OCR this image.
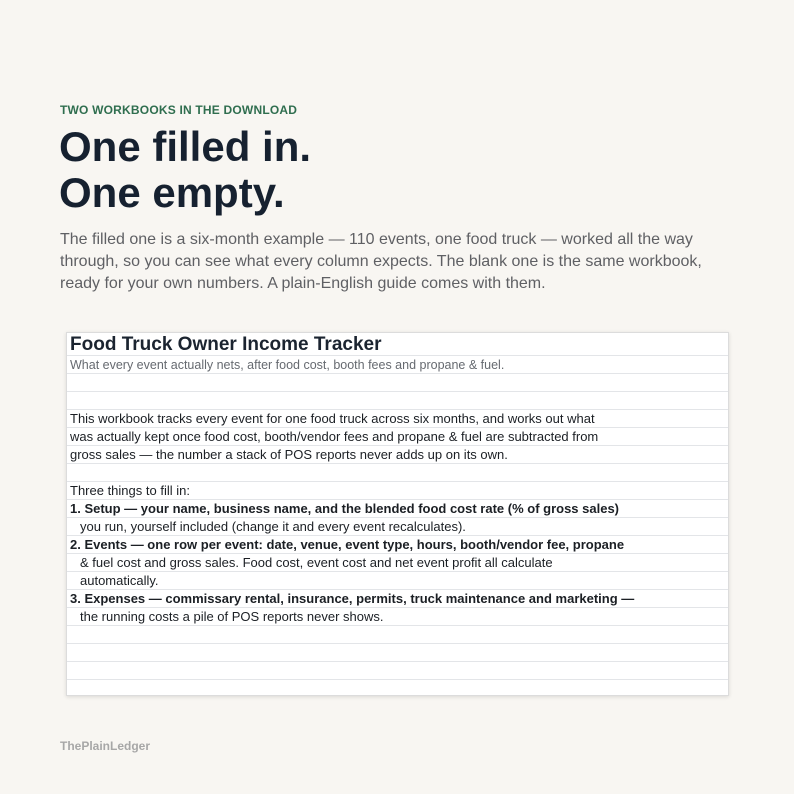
TWO WORKBOOKS IN THE DOWNLOAD
One filled in.
One empty.

The filled one is a six-month example — 110 events, one food truck — worked all the way through, so you can see what every column expects. The blank one is the same workbook, ready for your own numbers. A plain-English guide comes with them.

Food Truck Owner Income Tracker
What every event actually nets, after food cost, booth fees and propane & fuel.
This workbook tracks every event for one food truck across six months, and works out what
was actually kept once food cost, booth/vendor fees and propane & fuel are subtracted from
gross sales — the number a stack of POS reports never adds up on its own.
Three things to fill in:
1. Setup — your name, business name, and the blended food cost rate (% of gross sales)
you run, yourself included (change it and every event recalculates).
2. Events — one row per event: date, venue, event type, hours, booth/vendor fee, propane
& fuel cost and gross sales. Food cost, event cost and net event profit all calculate
automatically.
3. Expenses — commissary rental, insurance, permits, truck maintenance and marketing —
the running costs a pile of POS reports never shows.
ThePlainLedger
